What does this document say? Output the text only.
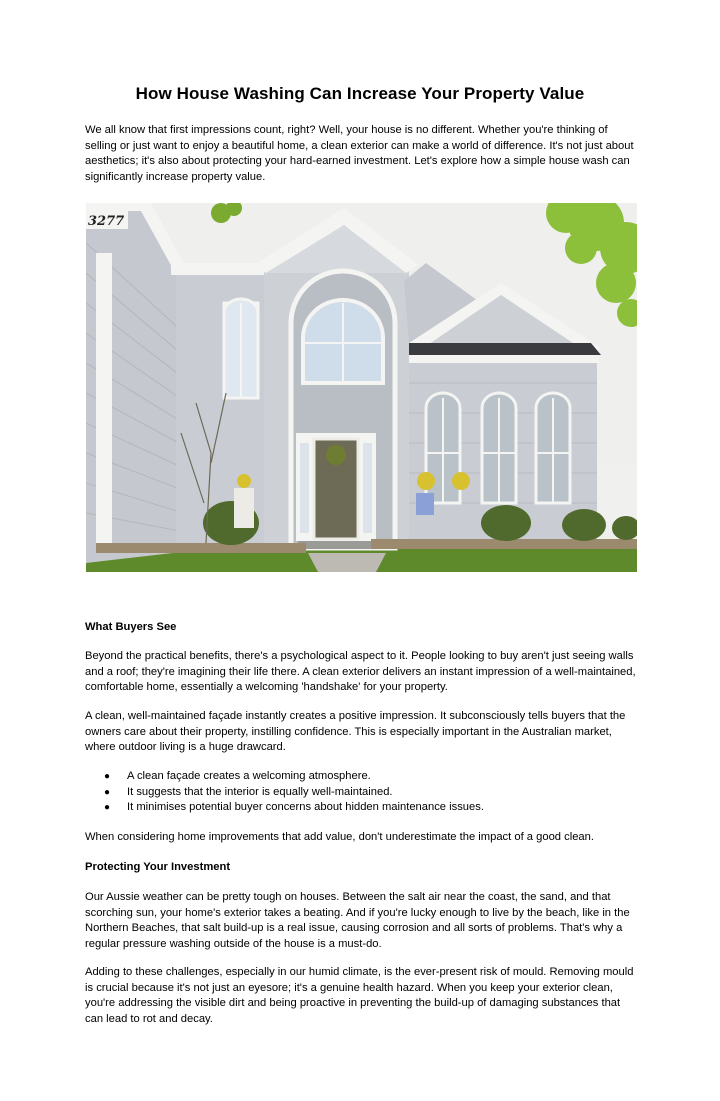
How House Washing Can Increase Your Property Value

We all know that first impressions count, right? Well, your house is no different. Whether you're thinking of selling or just want to enjoy a beautiful home, a clean exterior can make a world of difference. It's not just about aesthetics; it's also about protecting your hard-earned investment. Let's explore how a simple house wash can significantly increase property value.

3277

What Buyers See

Beyond the practical benefits, there's a psychological aspect to it. People looking to buy aren't just seeing walls and a roof; they're imagining their life there. A clean exterior delivers an instant impression of a well-maintained, comfortable home, essentially a welcoming 'handshake' for your property.

A clean, well-maintained façade instantly creates a positive impression. It subconsciously tells buyers that the owners care about their property, instilling confidence. This is especially important in the Australian market, where outdoor living is a huge drawcard.

● A clean façade creates a welcoming atmosphere.
● It suggests that the interior is equally well-maintained.
● It minimises potential buyer concerns about hidden maintenance issues.

When considering home improvements that add value, don't underestimate the impact of a good clean.

Protecting Your Investment

Our Aussie weather can be pretty tough on houses. Between the salt air near the coast, the sand, and that scorching sun, your home's exterior takes a beating. And if you're lucky enough to live by the beach, like in the Northern Beaches, that salt build-up is a real issue, causing corrosion and all sorts of problems. That's why a regular pressure washing outside of the house is a must-do.

Adding to these challenges, especially in our humid climate, is the ever-present risk of mould. Removing mould is crucial because it's not just an eyesore; it's a genuine health hazard. When you keep your exterior clean, you're addressing the visible dirt and being proactive in preventing the build-up of damaging substances that can lead to rot and decay.
